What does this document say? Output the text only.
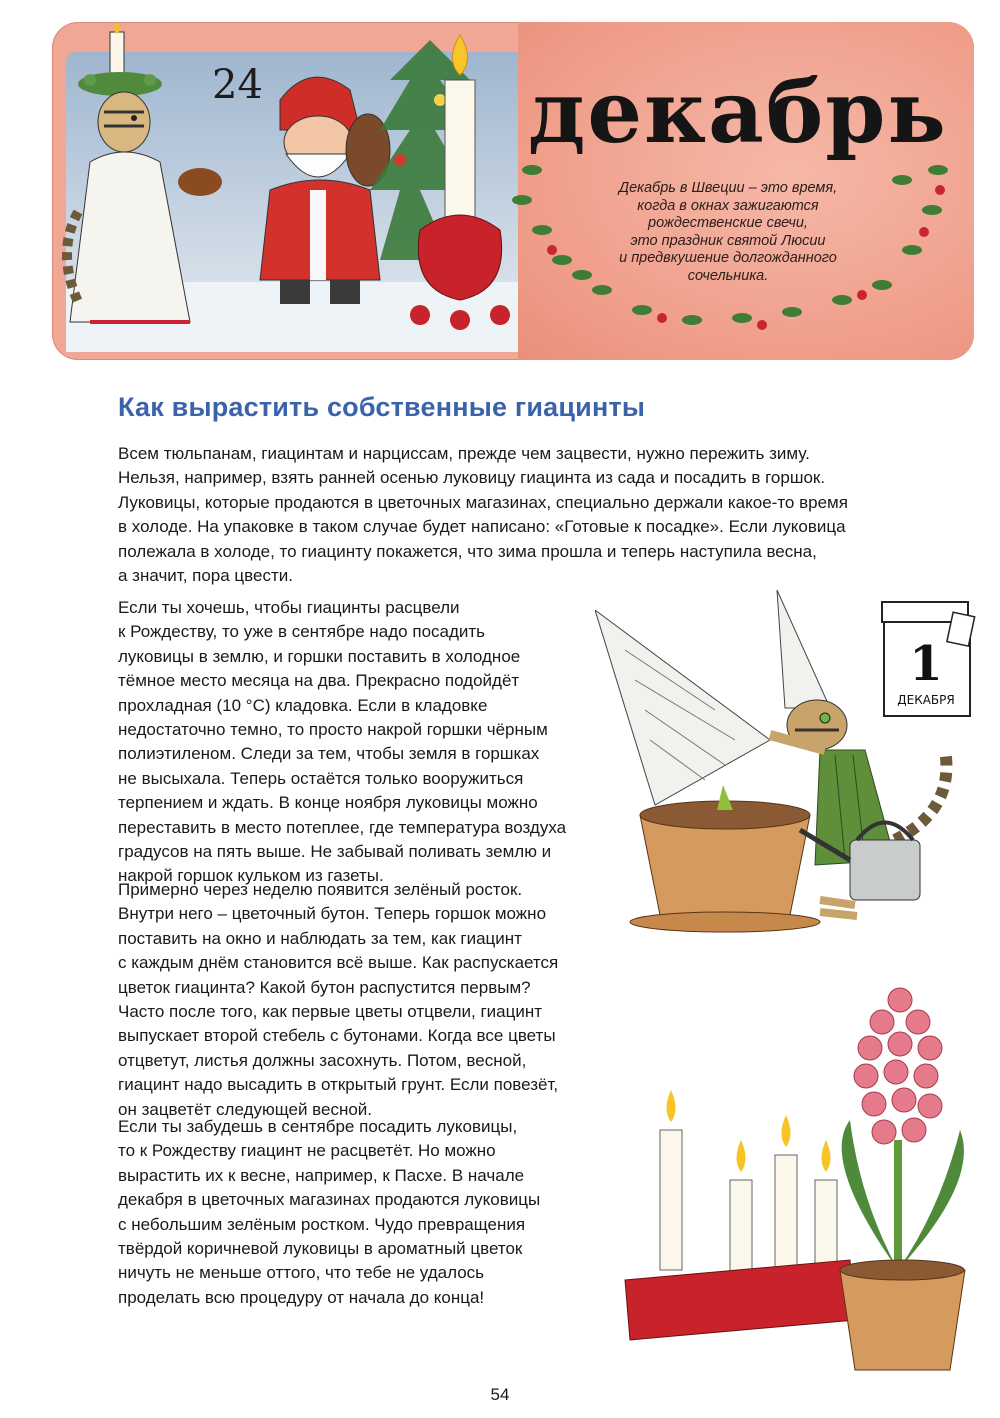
24	декабрь
Декабрь в Швеции – это время,
когда в окнах зажигаются
рождественские свечи,
это праздник святой Люсии
и предвкушение долгожданного
сочельника.
Как вырастить собственные гиацинты

Всем тюльпанам, гиацинтам и нарциссам, прежде чем зацвести, нужно пережить зиму.
Нельзя, например, взять ранней осенью луковицу гиацинта из сада и посадить в горшок.
Луковицы, которые продаются в цветочных магазинах, специально держали какое-то время
в холоде. На упаковке в таком случае будет написано: «Готовые к посадке». Если луковица
полежала в холоде, то гиацинту покажется, что зима прошла и теперь наступила весна,
а значит, пора цвести.

Если ты хочешь, чтобы гиацинты расцвели
к Рождеству, то уже в сентябре надо посадить
луковицы в землю, и горшки поставить в холодное
тёмное место месяца на два. Прекрасно подойдёт
прохладная (10 °С) кладовка. Если в кладовке
недостаточно темно, то просто накрой горшки чёрным
полиэтиленом. Следи за тем, чтобы земля в горшках
не высыхала. Теперь остаётся только вооружиться
терпением и ждать. В конце ноября луковицы можно
переставить в место потеплее, где температура воздуха
градусов на пять выше. Не забывай поливать землю и
накрой горшок кульком из газеты.

Примерно через неделю появится зелёный росток.
Внутри него – цветочный бутон. Теперь горшок можно
поставить на окно и наблюдать за тем, как гиацинт
с каждым днём становится всё выше. Как распускается
цветок гиацинта? Какой бутон распустится первым?
Часто после того, как первые цветы отцвели, гиацинт
выпускает второй стебель с бутонами. Когда все цветы
отцветут, листья должны засохнуть. Потом, весной,
гиацинт надо высадить в открытый грунт. Если повезёт,
он зацветёт следующей весной.

Если ты забудешь в сентябре посадить луковицы,
то к Рождеству гиацинт не расцветёт. Но можно
вырастить их к весне, например, к Пасхе. В начале
декабря в цветочных магазинах продаются луковицы
с небольшим зелёным ростком. Чудо превращения
твёрдой коричневой луковицы в ароматный цветок
ничуть не меньше оттого, что тебе не удалось
проделать всю процедуру от начала до конца!

1
ДЕКАБРЯ
54
